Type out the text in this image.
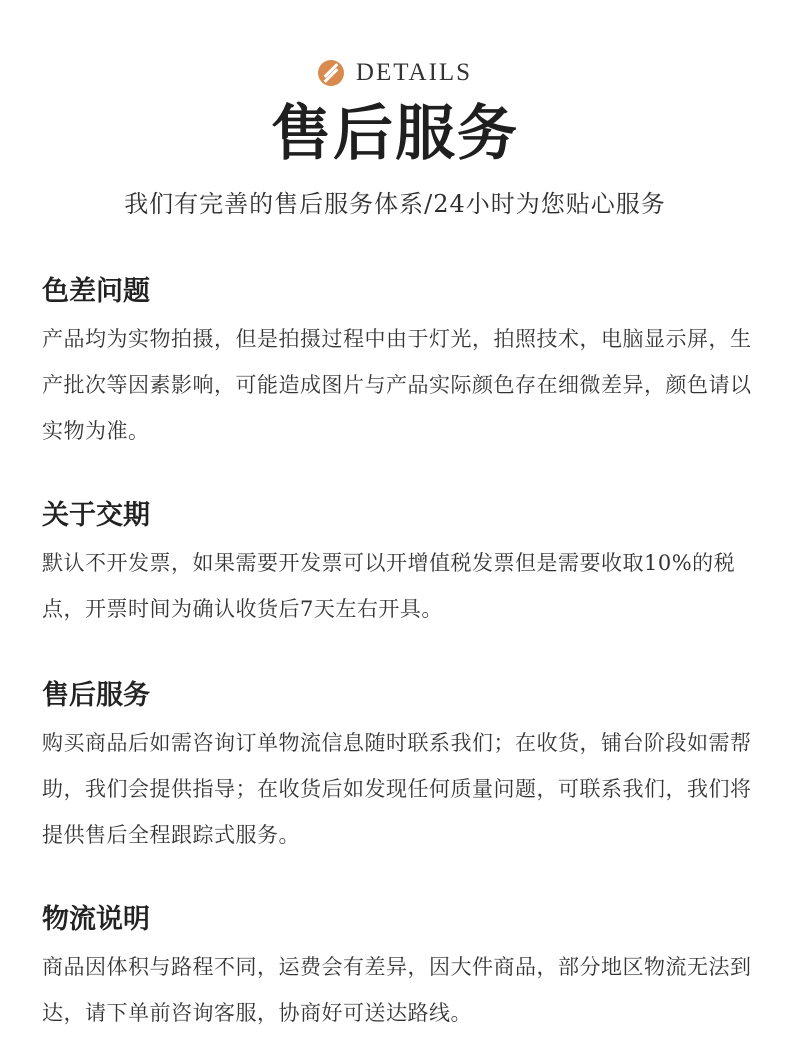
DETAILS
售后服务
我们有完善的售后服务体系/24小时为您贴心服务
色差问题

产品均为实物拍摄，但是拍摄过程中由于灯光，拍照技术，电脑显示屏，生产批次等因素影响，可能造成图片与产品实际颜色存在细微差异，颜色请以实物为准。

关于交期

默认不开发票，如果需要开发票可以开增值税发票但是需要收取10%的税点，开票时间为确认收货后7天左右开具。

售后服务

购买商品后如需咨询订单物流信息随时联系我们；在收货，铺台阶段如需帮助，我们会提供指导；在收货后如发现任何质量问题，可联系我们，我们将提供售后全程跟踪式服务。

物流说明

商品因体积与路程不同，运费会有差异，因大件商品，部分地区物流无法到达，请下单前咨询客服，协商好可送达路线。
